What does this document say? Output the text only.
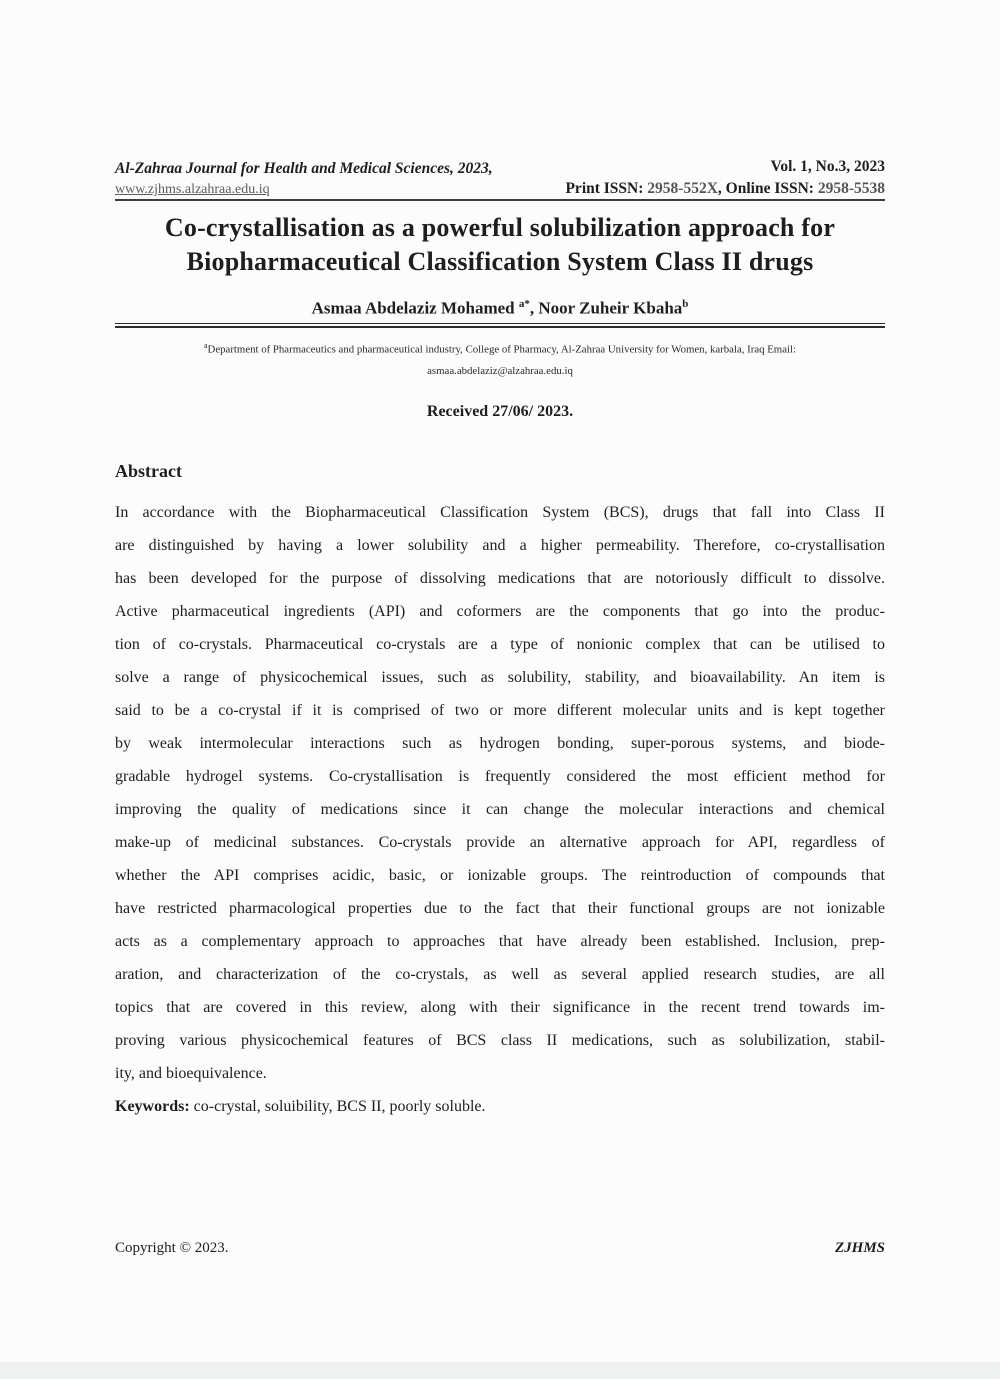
Al-Zahraa Journal for Health and Medical Sciences, 2023,
www.zjhms.alzahraa.edu.iq
Vol. 1, No.3, 2023
Print ISSN: 2958-552X, Online ISSN: 2958-5538
Co-crystallisation as a powerful solubilization approach for Biopharmaceutical Classification System Class II drugs
Asmaa Abdelaziz Mohamed $^{a*}$, Noor Zuheir Kbaha$^b$
$^a$Department of Pharmaceutics and pharmaceutical industry, College of Pharmacy, Al-Zahraa University for Women, karbala, Iraq Email:
asmaa.abdelaziz@alzahraa.edu.iq
Received 27/06/ 2023.
Abstract
In accordance with the Biopharmaceutical Classification System (BCS), drugs that fall into Class II
are distinguished by having a lower solubility and a higher permeability. Therefore, co-crystallisation
has been developed for the purpose of dissolving medications that are notoriously difficult to dissolve.
Active pharmaceutical ingredients (API) and coformers are the components that go into the produc-
tion of co-crystals. Pharmaceutical co-crystals are a type of nonionic complex that can be utilised to
solve a range of physicochemical issues, such as solubility, stability, and bioavailability. An item is
said to be a co-crystal if it is comprised of two or more different molecular units and is kept together
by weak intermolecular interactions such as hydrogen bonding, super-porous systems, and biode-
gradable hydrogel systems. Co-crystallisation is frequently considered the most efficient method for
improving the quality of medications since it can change the molecular interactions and chemical
make-up of medicinal substances. Co-crystals provide an alternative approach for API, regardless of
whether the API comprises acidic, basic, or ionizable groups. The reintroduction of compounds that
have restricted pharmacological properties due to the fact that their functional groups are not ionizable
acts as a complementary approach to approaches that have already been established. Inclusion, prep-
aration, and characterization of the co-crystals, as well as several applied research studies, are all
topics that are covered in this review, along with their significance in the recent trend towards im-
proving various physicochemical features of BCS class II medications, such as solubilization, stabil-
ity, and bioequivalence.
Keywords: co-crystal, soluibility, BCS II, poorly soluble.
Copyright © 2023.	ZJHMS
